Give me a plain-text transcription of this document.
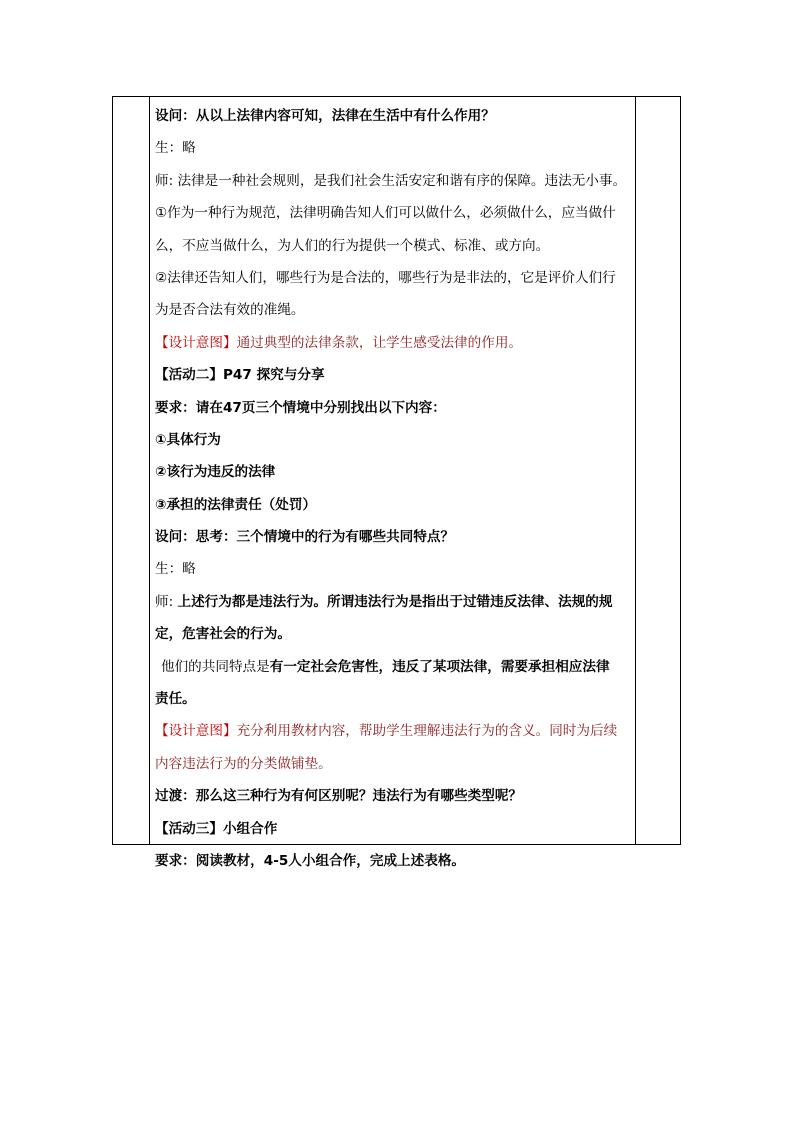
设问：从以上法律内容可知，法律在生活中有什么作用？
生：略
师: 法律是一种社会规则，是我们社会生活安定和谐有序的保障。违法无小事。
①作为一种行为规范，法律明确告知人们可以做什么，必须做什么，应当做什
么，不应当做什么，为人们的行为提供一个模式、标准、或方向。
②法律还告知人们，哪些行为是合法的，哪些行为是非法的，它是评价人们行
为是否合法有效的准绳。
【设计意图】通过典型的法律条款，让学生感受法律的作用。
【活动二】P47 探究与分享
要求：请在47页三个情境中分别找出以下内容：
①具体行为
②该行为违反的法律
③承担的法律责任（处罚）
设问：思考：三个情境中的行为有哪些共同特点？
生：略
师: 上述行为都是违法行为。所谓违法行为是指出于过错违反法律、法规的规
定，危害社会的行为。
他们的共同特点是有一定社会危害性，违反了某项法律，需要承担相应法律
责任。
【设计意图】充分利用教材内容，帮助学生理解违法行为的含义。同时为后续
内容违法行为的分类做铺垫。
过渡：那么这三种行为有何区别呢？违法行为有哪些类型呢？
【活动三】小组合作
要求：阅读教材，4-5人小组合作，完成上述表格。
